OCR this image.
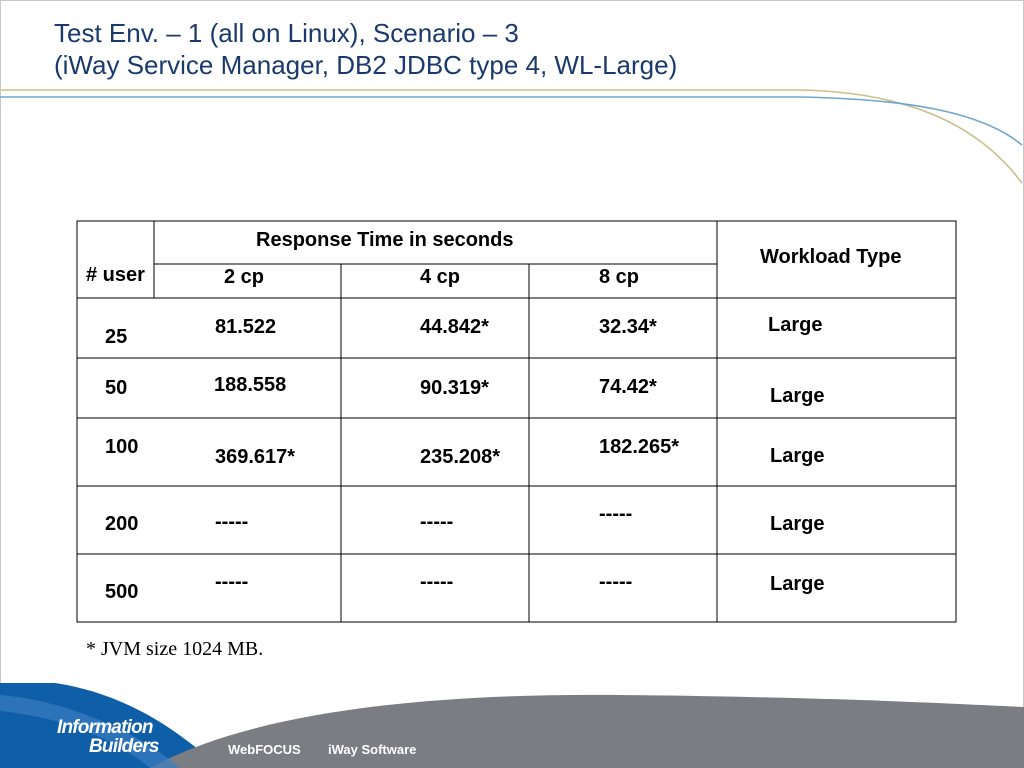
Test Env. – 1 (all on Linux), Scenario – 3
(iWay Service Manager, DB2 JDBC type 4, WL-Large)
Response Time in seconds
Workload Type
# user	2 cp	4 cp	8 cp
25	81.522	44.842*	32.34*	Large
50	188.558	90.319*	74.42*	Large
100	369.617*	235.208*	182.265*	Large
200	-----	-----	-----	Large
500	-----	-----	-----	Large
* JVM size 1024 MB.
Information
Builders	WebFOCUS iWay Software
